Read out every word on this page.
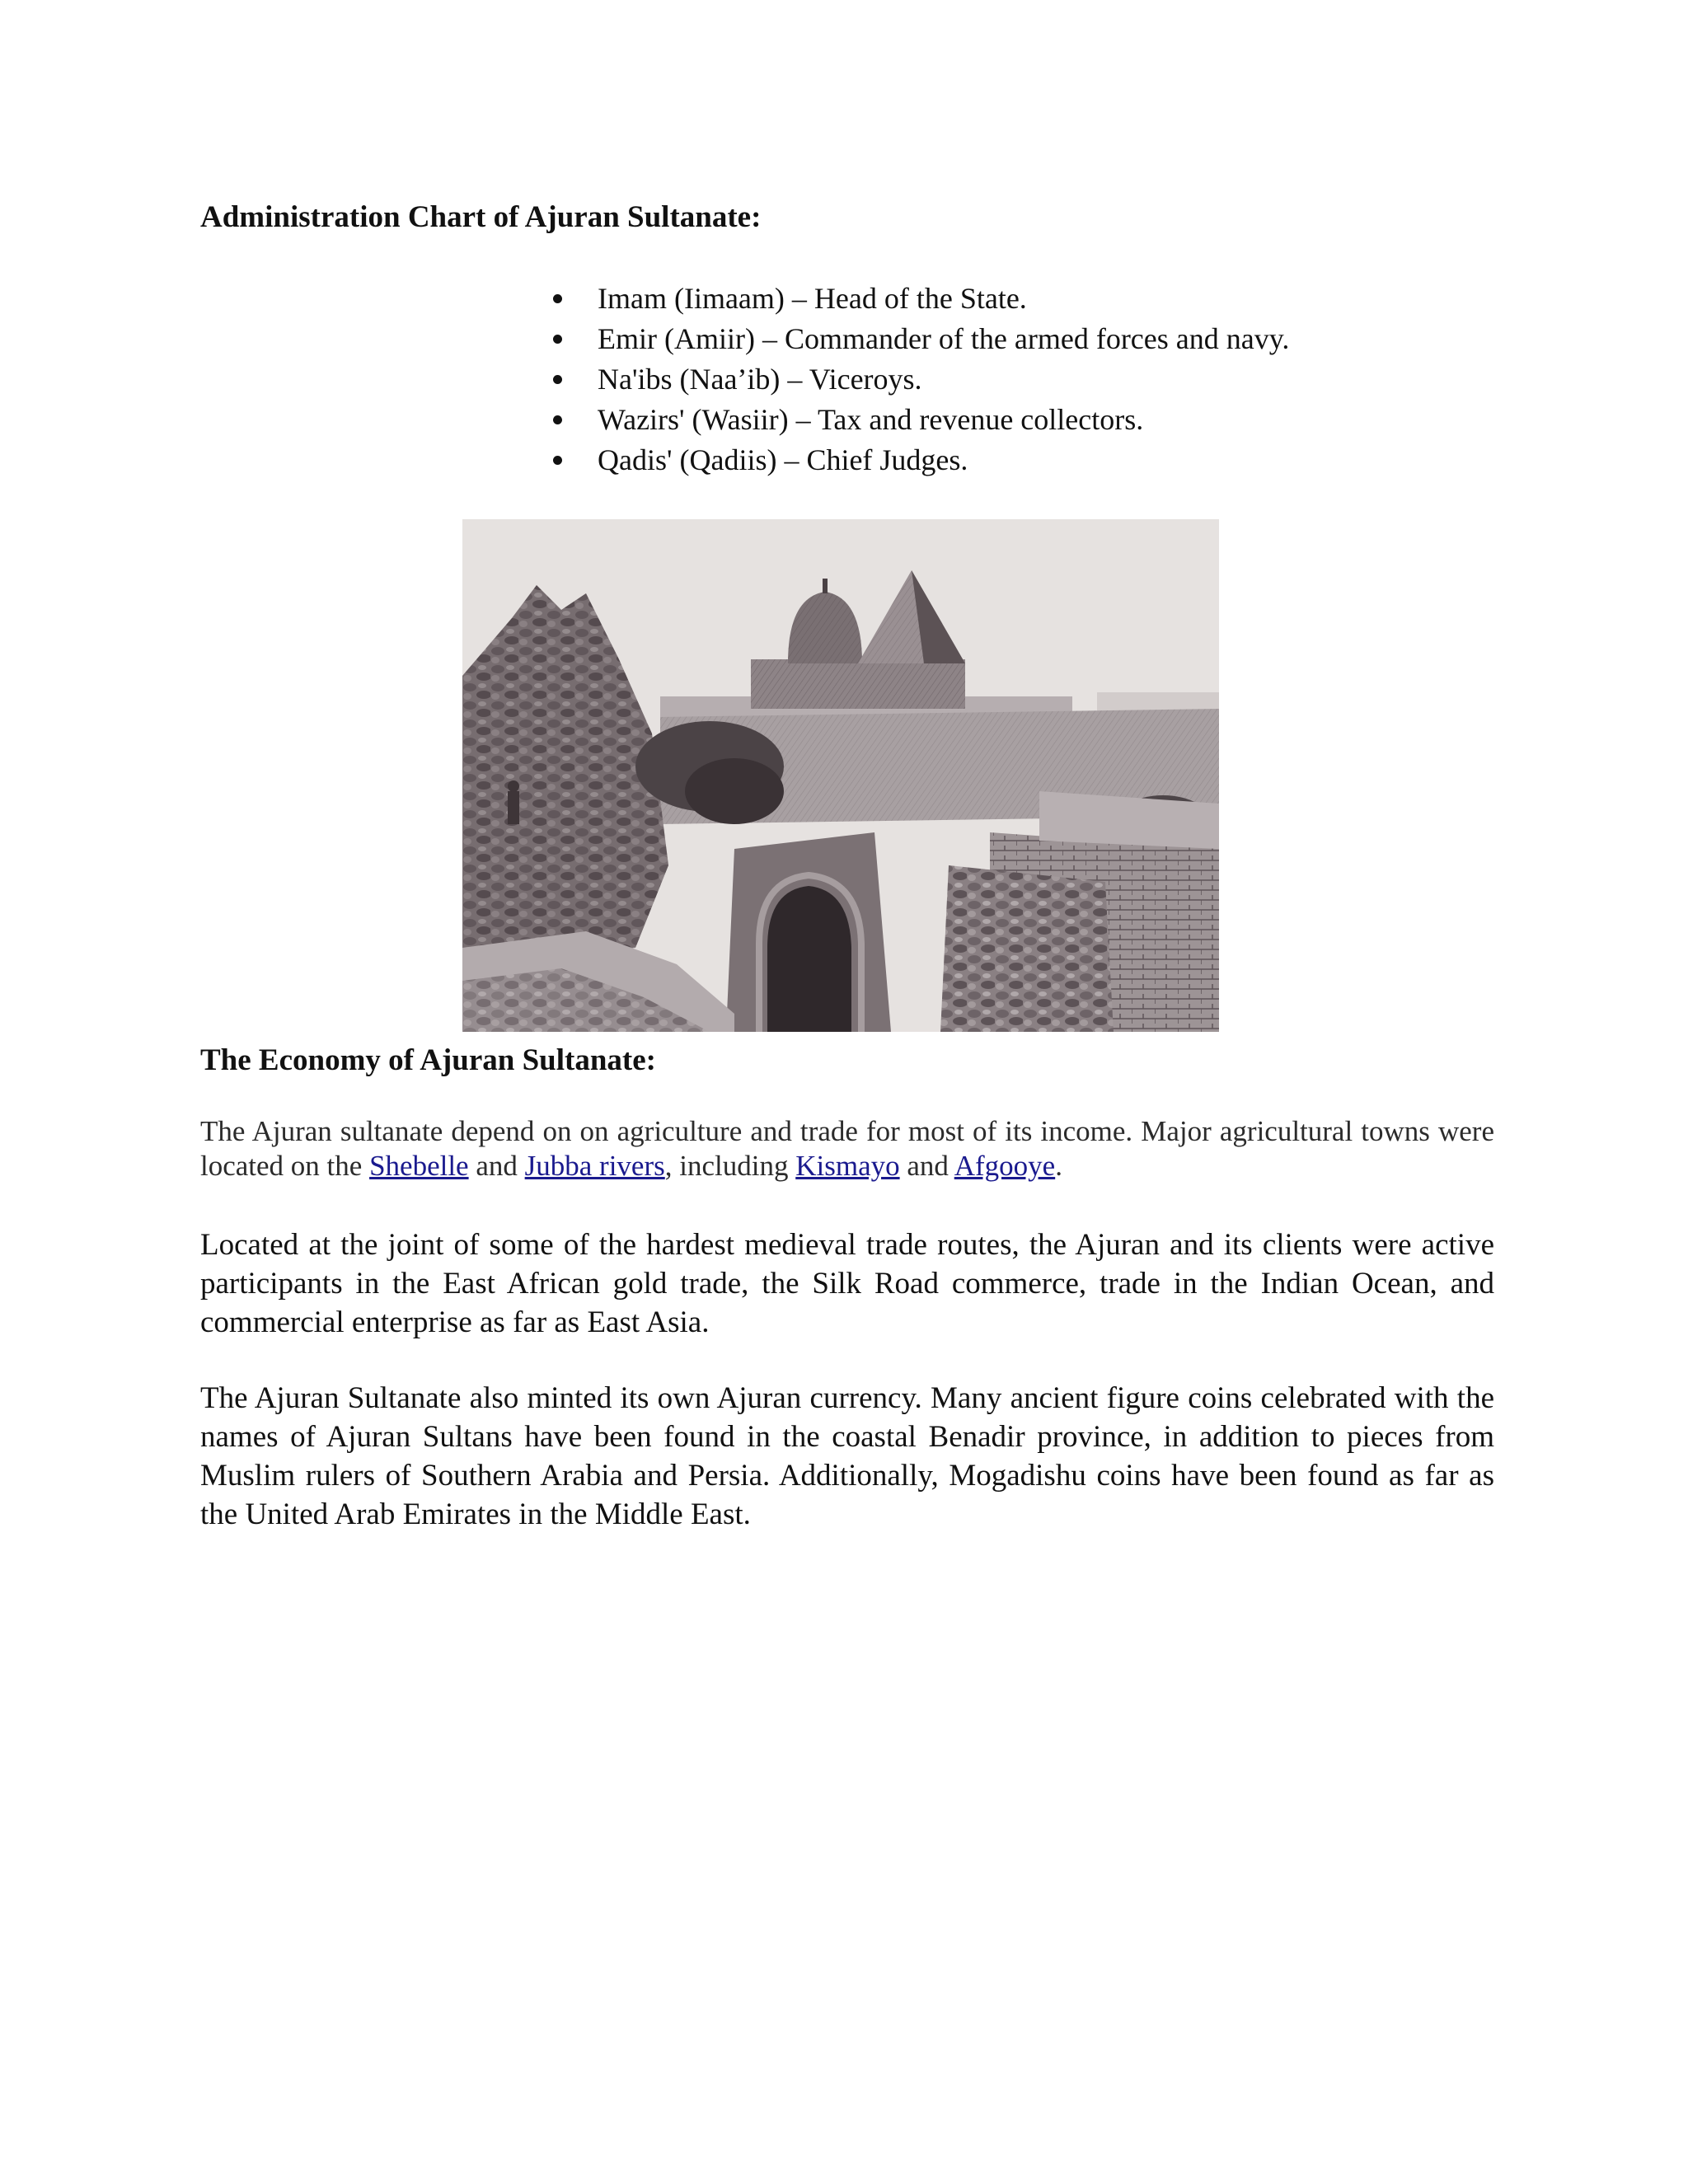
Administration Chart of Ajuran Sultanate:
Imam (Iimaam) – Head of the State.
Emir (Amiir) – Commander of the armed forces and navy.
Na'ibs (Naa’ib) – Viceroys.
Wazirs' (Wasiir) – Tax and revenue collectors.
Qadis' (Qadiis) – Chief Judges.
The Economy of Ajuran Sultanate:

The Ajuran sultanate depend on on agriculture and trade for most of its income. Major agricultural towns were located on the Shebelle and Jubba rivers, including Kismayo and Afgooye.

Located at the joint of some of the hardest medieval trade routes, the Ajuran and its clients were active participants in the East African gold trade, the Silk Road commerce, trade in the Indian Ocean, and commercial enterprise as far as East Asia.

The Ajuran Sultanate also minted its own Ajuran currency. Many ancient figure coins celebrated with the names of Ajuran Sultans have been found in the coastal Benadir province, in addition to pieces from Muslim rulers of Southern Arabia and Persia. Additionally, Mogadishu coins have been found as far as the United Arab Emirates in the Middle East.
